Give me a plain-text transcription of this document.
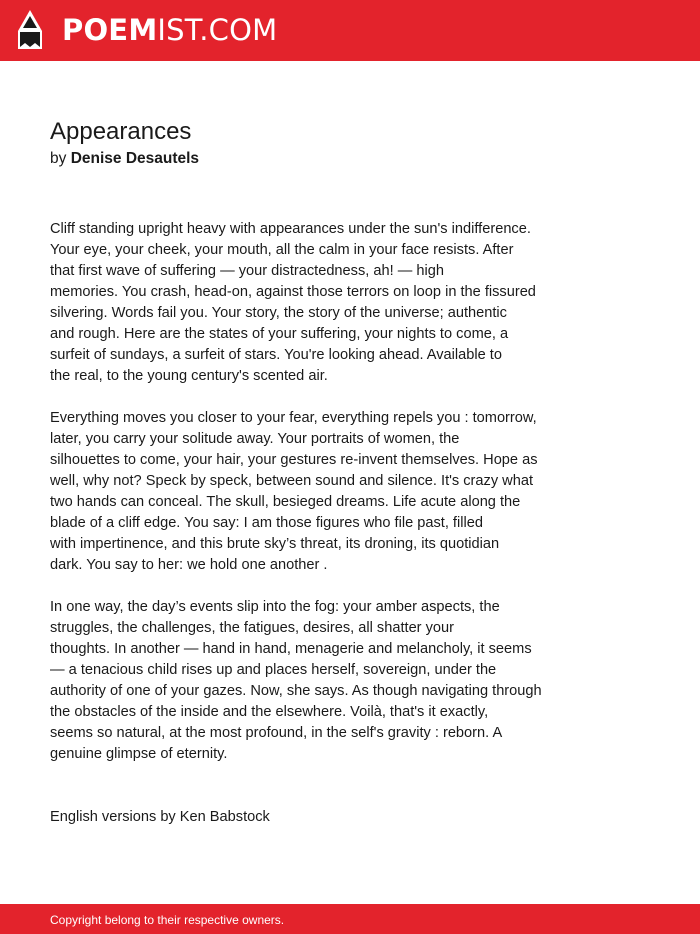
POEMIST.COM
Appearances
by Denise Desautels
Cliff standing upright heavy with appearances under the sun's indifference.
Your eye, your cheek, your mouth, all the calm in your face resists. After
that first wave of suffering — your distractedness, ah! — high
memories. You crash, head-on, against those terrors on loop in the fissured
silvering. Words fail you. Your story, the story of the universe; authentic
and rough. Here are the states of your suffering, your nights to come, a
surfeit of sundays, a surfeit of stars. You're looking ahead. Available to
the real, to the young century's scented air.
Everything moves you closer to your fear, everything repels you : tomorrow,
later, you carry your solitude away. Your portraits of women, the
silhouettes to come, your hair, your gestures re-invent themselves. Hope as
well, why not? Speck by speck, between sound and silence. It's crazy what
two hands can conceal. The skull, besieged dreams. Life acute along the
blade of a cliff edge. You say: I am those figures who file past, filled
with impertinence, and this brute sky’s threat, its droning, its quotidian
dark. You say to her: we hold one another .
In one way, the day’s events slip into the fog: your amber aspects, the
struggles, the challenges, the fatigues, desires, all shatter your
thoughts. In another — hand in hand, menagerie and melancholy, it seems
— a tenacious child rises up and places herself, sovereign, under the
authority of one of your gazes. Now, she says. As though navigating through
the obstacles of the inside and the elsewhere. Voilà, that's it exactly,
seems so natural, at the most profound, in the self's gravity : reborn. A
genuine glimpse of eternity.
English versions by Ken Babstock
Copyright belong to their respective owners.
